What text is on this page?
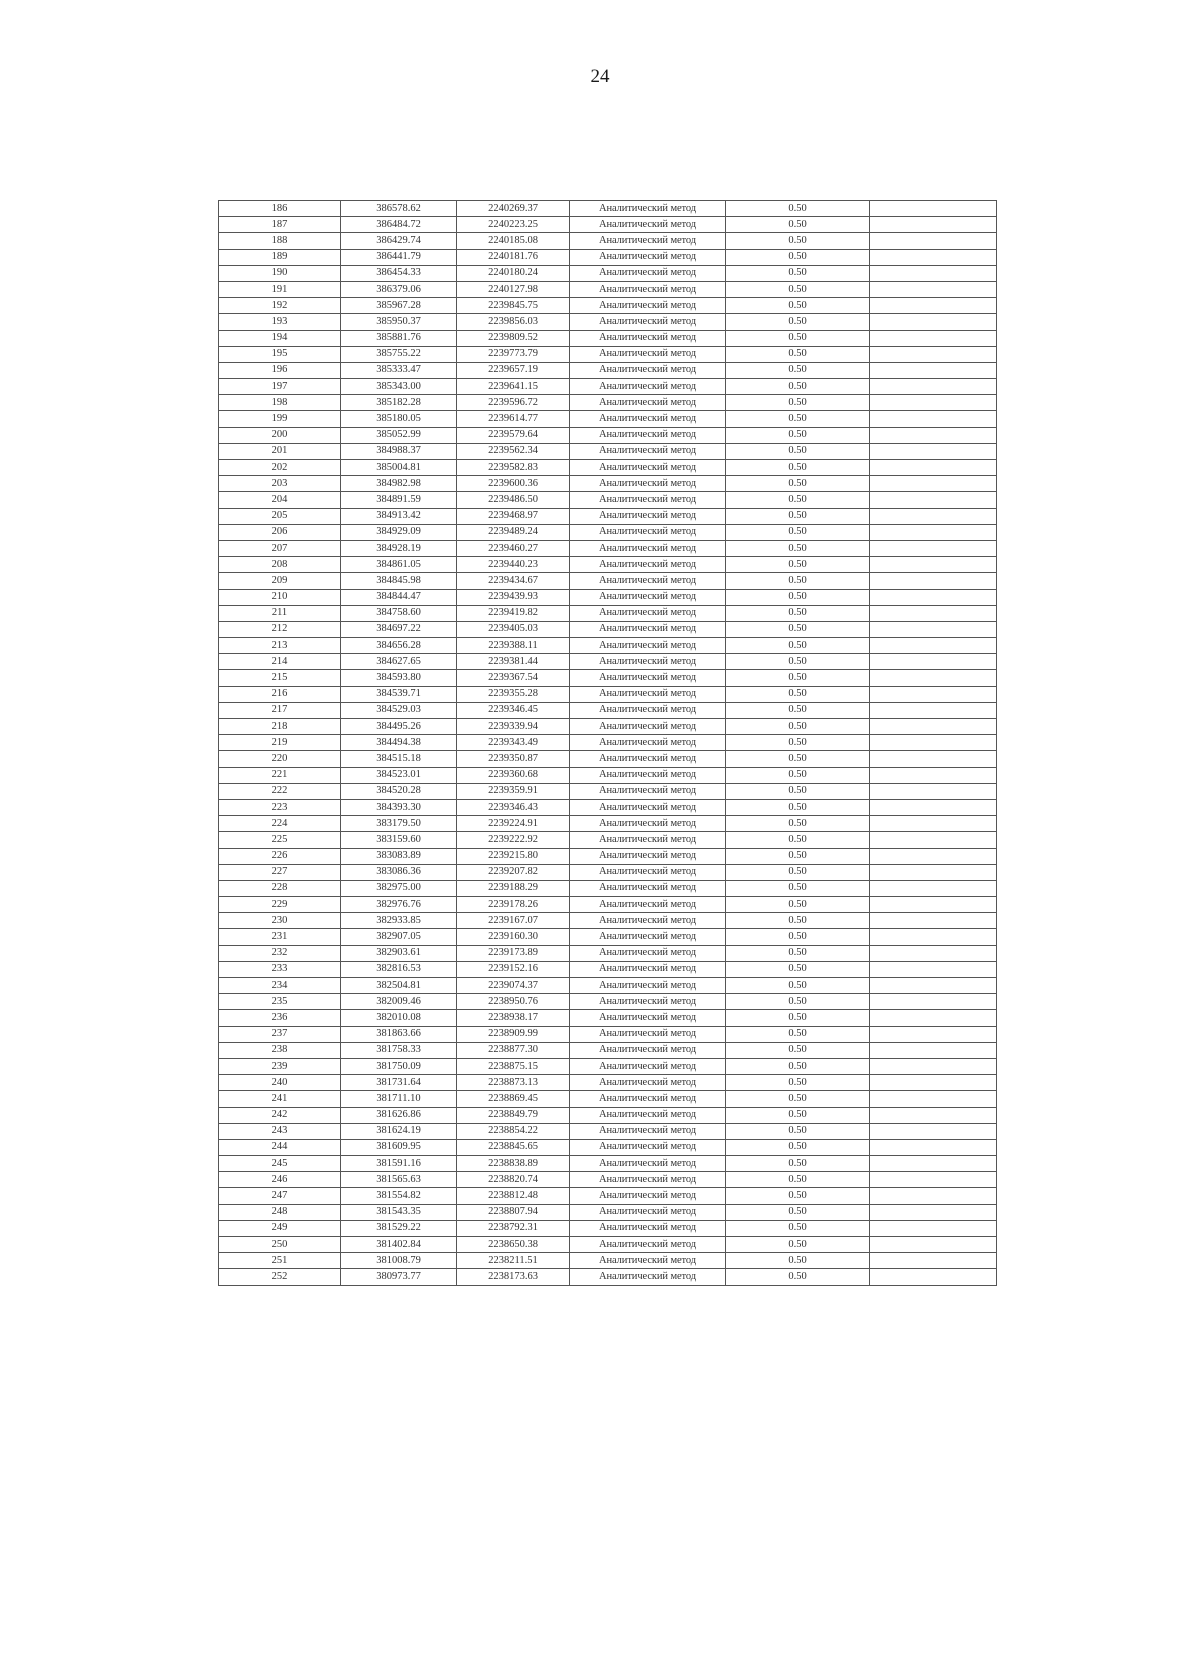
24
186	386578.62	2240269.37	Аналитический метод	0.50	
187	386484.72	2240223.25	Аналитический метод	0.50	
188	386429.74	2240185.08	Аналитический метод	0.50	
189	386441.79	2240181.76	Аналитический метод	0.50	
190	386454.33	2240180.24	Аналитический метод	0.50	
191	386379.06	2240127.98	Аналитический метод	0.50	
192	385967.28	2239845.75	Аналитический метод	0.50	
193	385950.37	2239856.03	Аналитический метод	0.50	
194	385881.76	2239809.52	Аналитический метод	0.50	
195	385755.22	2239773.79	Аналитический метод	0.50	
196	385333.47	2239657.19	Аналитический метод	0.50	
197	385343.00	2239641.15	Аналитический метод	0.50	
198	385182.28	2239596.72	Аналитический метод	0.50	
199	385180.05	2239614.77	Аналитический метод	0.50	
200	385052.99	2239579.64	Аналитический метод	0.50	
201	384988.37	2239562.34	Аналитический метод	0.50	
202	385004.81	2239582.83	Аналитический метод	0.50	
203	384982.98	2239600.36	Аналитический метод	0.50	
204	384891.59	2239486.50	Аналитический метод	0.50	
205	384913.42	2239468.97	Аналитический метод	0.50	
206	384929.09	2239489.24	Аналитический метод	0.50	
207	384928.19	2239460.27	Аналитический метод	0.50	
208	384861.05	2239440.23	Аналитический метод	0.50	
209	384845.98	2239434.67	Аналитический метод	0.50	
210	384844.47	2239439.93	Аналитический метод	0.50	
211	384758.60	2239419.82	Аналитический метод	0.50	
212	384697.22	2239405.03	Аналитический метод	0.50	
213	384656.28	2239388.11	Аналитический метод	0.50	
214	384627.65	2239381.44	Аналитический метод	0.50	
215	384593.80	2239367.54	Аналитический метод	0.50	
216	384539.71	2239355.28	Аналитический метод	0.50	
217	384529.03	2239346.45	Аналитический метод	0.50	
218	384495.26	2239339.94	Аналитический метод	0.50	
219	384494.38	2239343.49	Аналитический метод	0.50	
220	384515.18	2239350.87	Аналитический метод	0.50	
221	384523.01	2239360.68	Аналитический метод	0.50	
222	384520.28	2239359.91	Аналитический метод	0.50	
223	384393.30	2239346.43	Аналитический метод	0.50	
224	383179.50	2239224.91	Аналитический метод	0.50	
225	383159.60	2239222.92	Аналитический метод	0.50	
226	383083.89	2239215.80	Аналитический метод	0.50	
227	383086.36	2239207.82	Аналитический метод	0.50	
228	382975.00	2239188.29	Аналитический метод	0.50	
229	382976.76	2239178.26	Аналитический метод	0.50	
230	382933.85	2239167.07	Аналитический метод	0.50	
231	382907.05	2239160.30	Аналитический метод	0.50	
232	382903.61	2239173.89	Аналитический метод	0.50	
233	382816.53	2239152.16	Аналитический метод	0.50	
234	382504.81	2239074.37	Аналитический метод	0.50	
235	382009.46	2238950.76	Аналитический метод	0.50	
236	382010.08	2238938.17	Аналитический метод	0.50	
237	381863.66	2238909.99	Аналитический метод	0.50	
238	381758.33	2238877.30	Аналитический метод	0.50	
239	381750.09	2238875.15	Аналитический метод	0.50	
240	381731.64	2238873.13	Аналитический метод	0.50	
241	381711.10	2238869.45	Аналитический метод	0.50	
242	381626.86	2238849.79	Аналитический метод	0.50	
243	381624.19	2238854.22	Аналитический метод	0.50	
244	381609.95	2238845.65	Аналитический метод	0.50	
245	381591.16	2238838.89	Аналитический метод	0.50	
246	381565.63	2238820.74	Аналитический метод	0.50	
247	381554.82	2238812.48	Аналитический метод	0.50	
248	381543.35	2238807.94	Аналитический метод	0.50	
249	381529.22	2238792.31	Аналитический метод	0.50	
250	381402.84	2238650.38	Аналитический метод	0.50	
251	381008.79	2238211.51	Аналитический метод	0.50	
252	380973.77	2238173.63	Аналитический метод	0.50	
